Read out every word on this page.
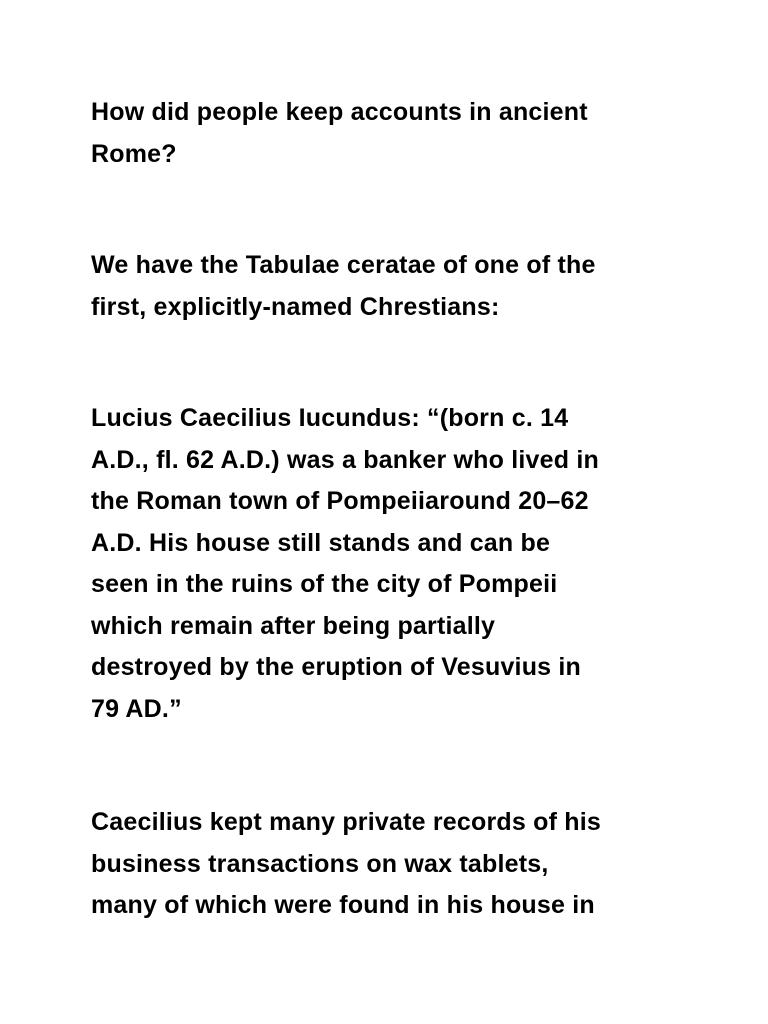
How did people keep accounts in ancient
Rome?

We have the Tabulae ceratae of one of the
first, explicitly-named Chrestians:

Lucius Caecilius Iucundus: “(born c. 14
A.D., fl. 62 A.D.) was a banker who lived in
the Roman town of Pompeiiaround 20–62
A.D. His house still stands and can be
seen in the ruins of the city of Pompeii
which remain after being partially
destroyed by the eruption of Vesuvius in
79 AD.”

Caecilius kept many private records of his
business transactions on wax tablets,
many of which were found in his house in
